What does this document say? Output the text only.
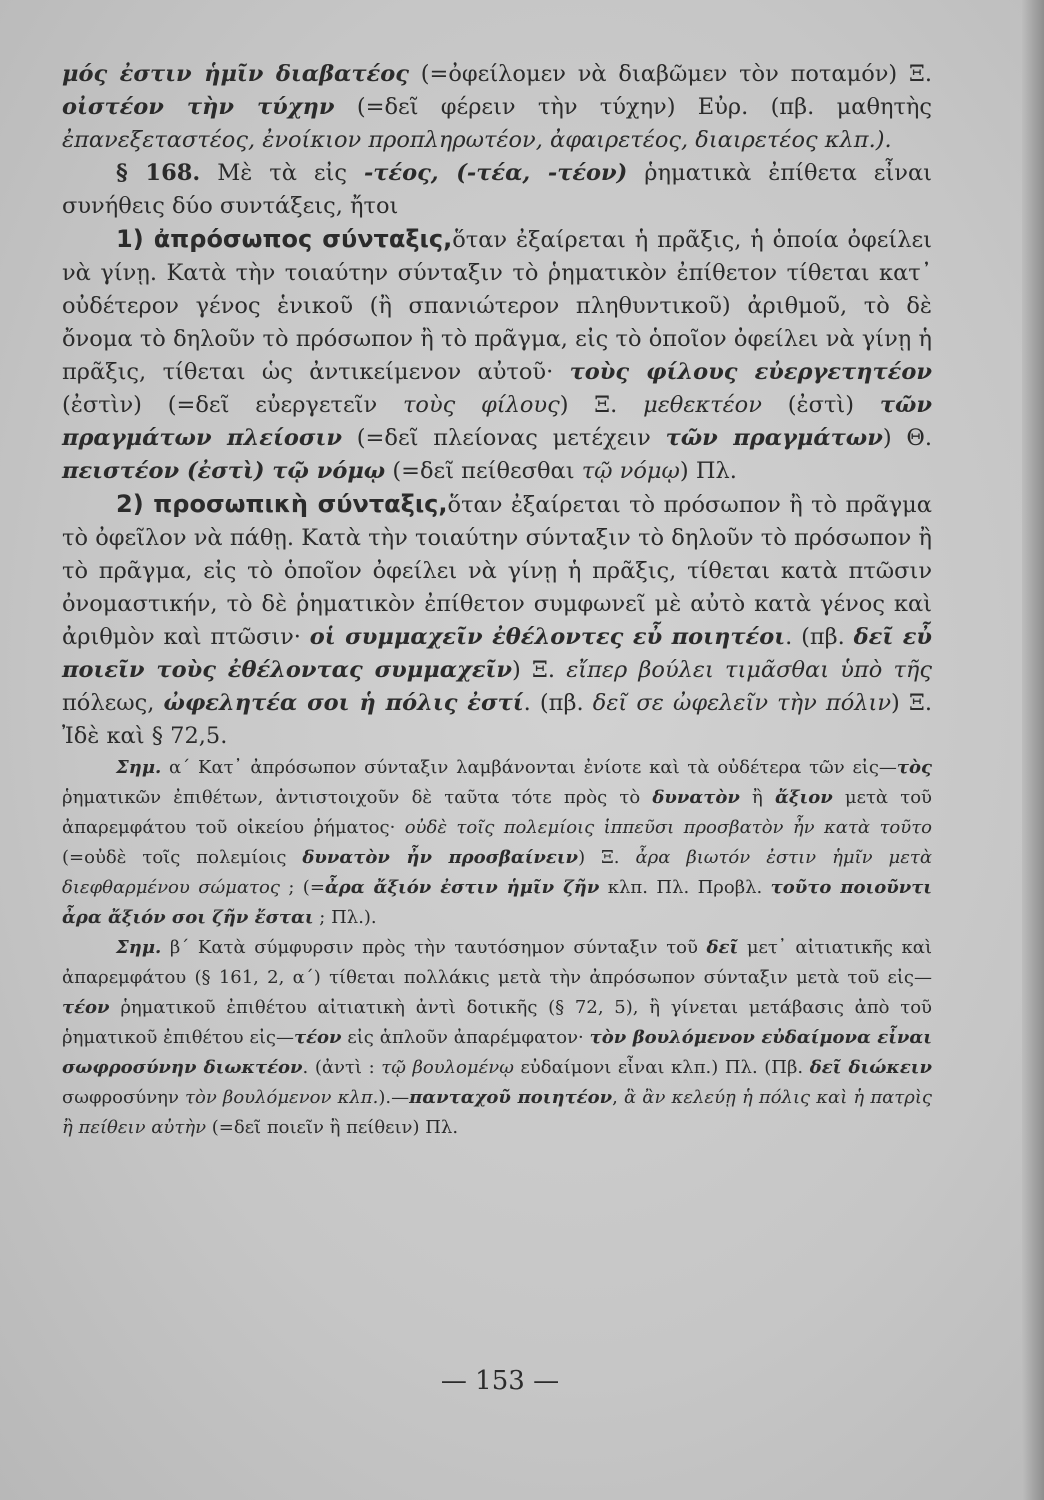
μός ἐστιν ἡμῖν διαβατέος (=ὀφείλομεν νὰ διαβῶμεν τὸν ποταμόν) Ξ. οἰστέον τὴν τύχην (=δεῖ φέρειν τὴν τύχην) Εὐρ. (πβ. μαθητὴς ἐπανεξεταστέος, ἐνοίκιον προπληρωτέον, ἀφαιρετέος, διαιρετέος κλπ.).

§ 168. Μὲ τὰ εἰς -τέος, (-τέα, -τέον) ῥηματικὰ ἐπίθετα εἶναι συνήθεις δύο συντάξεις, ἤτοι

1) ἀπρόσωπος σύνταξις,ὅταν ἐξαίρεται ἡ πρᾶξις, ἡ ὁποία ὀφείλει νὰ γίνῃ. Κατὰ τὴν τοιαύτην σύνταξιν τὸ ῥηματικὸν ἐπίθετον τίθεται κατ᾽ οὐδέτερον γένος ἑνικοῦ (ἢ σπανιώτερον πληθυντικοῦ) ἀριθμοῦ, τὸ δὲ ὄνομα τὸ δηλοῦν τὸ πρόσωπον ἢ τὸ πρᾶγμα, εἰς τὸ ὁποῖον ὀφείλει νὰ γίνῃ ἡ πρᾶξις, τίθεται ὡς ἀντικείμενον αὐτοῦ· τοὺς φίλους εὐεργετητέον (ἐστὶν) (=δεῖ εὐεργετεῖν τοὺς φίλους) Ξ. μεθεκτέον (ἐστὶ) τῶν πραγμάτων πλείοσιν (=δεῖ πλείονας μετέχειν τῶν πραγμάτων) Θ. πειστέον (ἐστὶ) τῷ νόμῳ (=δεῖ πείθεσθαι τῷ νόμῳ) Πλ.

2) προσωπικὴ σύνταξις,ὅταν ἐξαίρεται τὸ πρόσωπον ἢ τὸ πρᾶγμα τὸ ὀφεῖλον νὰ πάθῃ. Κατὰ τὴν τοιαύτην σύνταξιν τὸ δηλοῦν τὸ πρόσωπον ἢ τὸ πρᾶγμα, εἰς τὸ ὁποῖον ὀφείλει νὰ γίνῃ ἡ πρᾶξις, τίθεται κατὰ πτῶσιν ὀνομαστικήν, τὸ δὲ ῥηματικὸν ἐπίθετον συμφωνεῖ μὲ αὐτὸ κατὰ γένος καὶ ἀριθμὸν καὶ πτῶσιν· οἱ συμμαχεῖν ἐθέλοντες εὖ ποιητέοι. (πβ. δεῖ εὖ ποιεῖν τοὺς ἐθέλοντας συμμαχεῖν) Ξ. εἴπερ βούλει τιμᾶσθαι ὑπὸ τῆς πόλεως, ὠφελητέα σοι ἡ πόλις ἐστί. (πβ. δεῖ σε ὠφελεῖν τὴν πόλιν) Ξ. Ἰδὲ καὶ § 72,5.

Σημ. α΄ Κατ᾽ ἀπρόσωπον σύνταξιν λαμβάνονται ἐνίοτε καὶ τὰ οὐδέτερα τῶν εἰς—τὸς ῥηματικῶν ἐπιθέτων, ἀντιστοιχοῦν δὲ ταῦτα τότε πρὸς τὸ δυνατὸν ἢ ἄξιον μετὰ τοῦ ἀπαρεμφάτου τοῦ οἰκείου ῥήματος· οὐδὲ τοῖς πολεμίοις ἱππεῦσι προσβατὸν ἦν κατὰ τοῦτο (=οὐδὲ τοῖς πολεμίοις δυνατὸν ἦν προσβαίνειν) Ξ. ἆρα βιωτόν ἐστιν ἡμῖν μετὰ διεφθαρμένου σώματος ; (=ἆρα ἄξιόν ἐστιν ἡμῖν ζῆν κλπ. Πλ. Προβλ. τοῦτο ποιοῦντι ἆρα ἄξιόν σοι ζῆν ἔσται ; Πλ.).

Σημ. β΄ Κατὰ σύμφυρσιν πρὸς τὴν ταυτόσημον σύνταξιν τοῦ δεῖ μετ᾽ αἰτιατικῆς καὶ ἀπαρεμφάτου (§ 161, 2, α΄) τίθεται πολλάκις μετὰ τὴν ἀπρόσωπον σύνταξιν μετὰ τοῦ εἰς—τέον ῥηματικοῦ ἐπιθέτου αἰτιατικὴ ἀντὶ δοτικῆς (§ 72, 5), ἢ γίνεται μετάβασις ἀπὸ τοῦ ῥηματικοῦ ἐπιθέτου εἰς—τέον εἰς ἁπλοῦν ἀπαρέμφατον· τὸν βουλόμενον εὐδαίμονα εἶναι σωφροσύνην διωκτέον. (ἀντὶ : τῷ βουλομένῳ εὐδαίμονι εἶναι κλπ.) Πλ. (Πβ. δεῖ διώκειν σωφροσύνην τὸν βουλόμενον κλπ.).—πανταχοῦ ποιητέον, ἃ ἂν κελεύῃ ἡ πόλις καὶ ἡ πατρὶς ἢ πείθειν αὐτὴν (=δεῖ ποιεῖν ἢ πείθειν) Πλ.

— 153 —
